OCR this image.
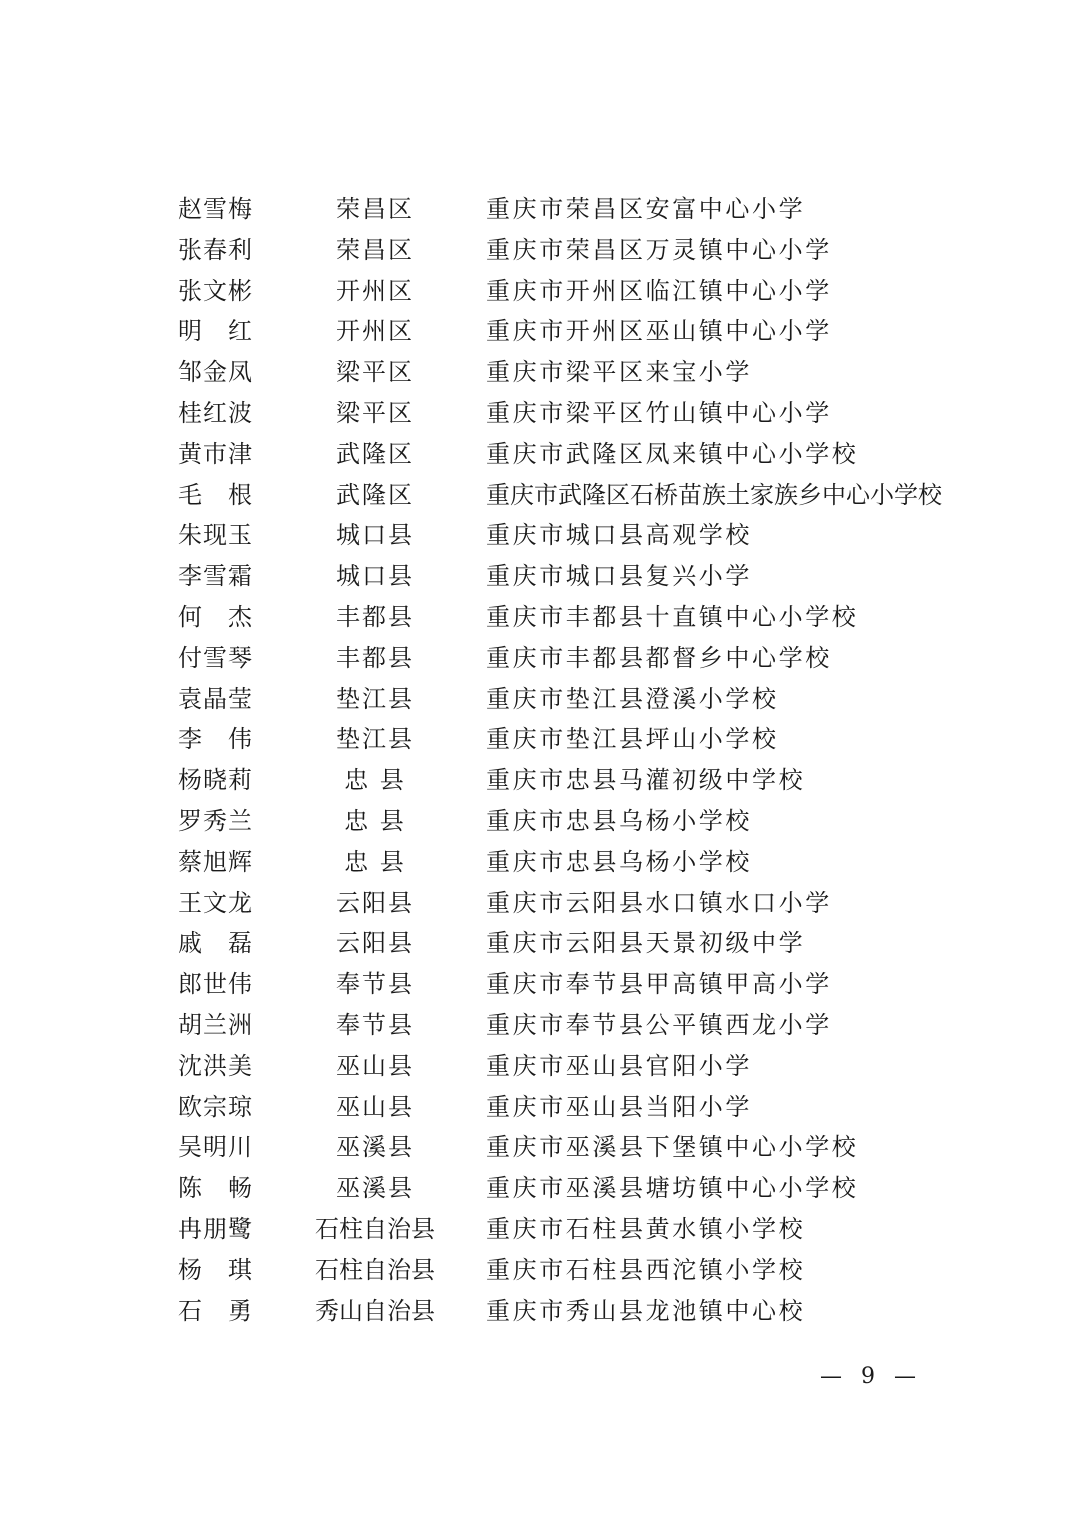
赵雪梅	荣昌区	重庆市荣昌区安富中心小学
张春利	荣昌区	重庆市荣昌区万灵镇中心小学
张文彬	开州区	重庆市开州区临江镇中心小学
明 红	开州区	重庆市开州区巫山镇中心小学
邹金凤	梁平区	重庆市梁平区来宝小学
桂红波	梁平区	重庆市梁平区竹山镇中心小学
黄巿津	武隆区	重庆市武隆区凤来镇中心小学校
毛 根	武隆区	重庆市武隆区石桥苗族土家族乡中心小学校
朱现玉	城口县	重庆市城口县高观学校
李雪霜	城口县	重庆市城口县复兴小学
何 杰	丰都县	重庆市丰都县十直镇中心小学校
付雪琴	丰都县	重庆市丰都县都督乡中心学校
袁晶莹	垫江县	重庆市垫江县澄溪小学校
李 伟	垫江县	重庆市垫江县坪山小学校
杨晓莉	忠 县	重庆市忠县马灌初级中学校
罗秀兰	忠 县	重庆市忠县乌杨小学校
蔡旭辉	忠 县	重庆市忠县乌杨小学校
王文龙	云阳县	重庆市云阳县水口镇水口小学
戚 磊	云阳县	重庆市云阳县天景初级中学
郎世伟	奉节县	重庆市奉节县甲高镇甲高小学
胡兰洲	奉节县	重庆市奉节县公平镇西龙小学
沈洪美	巫山县	重庆市巫山县官阳小学
欧宗琼	巫山县	重庆市巫山县当阳小学
吴明川	巫溪县	重庆市巫溪县下堡镇中心小学校
陈 畅	巫溪县	重庆市巫溪县塘坊镇中心小学校
冉朋鹭	石柱自治县	重庆市石柱县黄水镇小学校
杨 琪	石柱自治县	重庆市石柱县西沱镇小学校
石 勇	秀山自治县	重庆市秀山县龙池镇中心校
— 9 —
